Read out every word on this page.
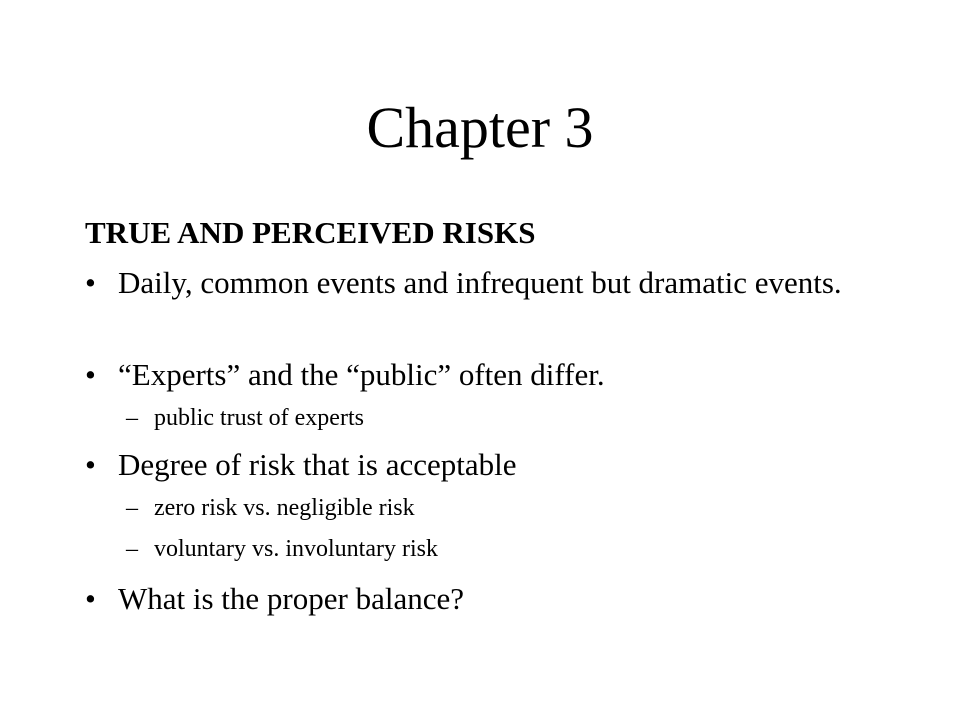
Chapter 3
TRUE AND PERCEIVED RISKS
• Daily, common events and infrequent but dramatic events.
• “Experts” and the “public” often differ.
– public trust of experts
• Degree of risk that is acceptable
– zero risk vs. negligible risk
– voluntary vs. involuntary risk
• What is the proper balance?
